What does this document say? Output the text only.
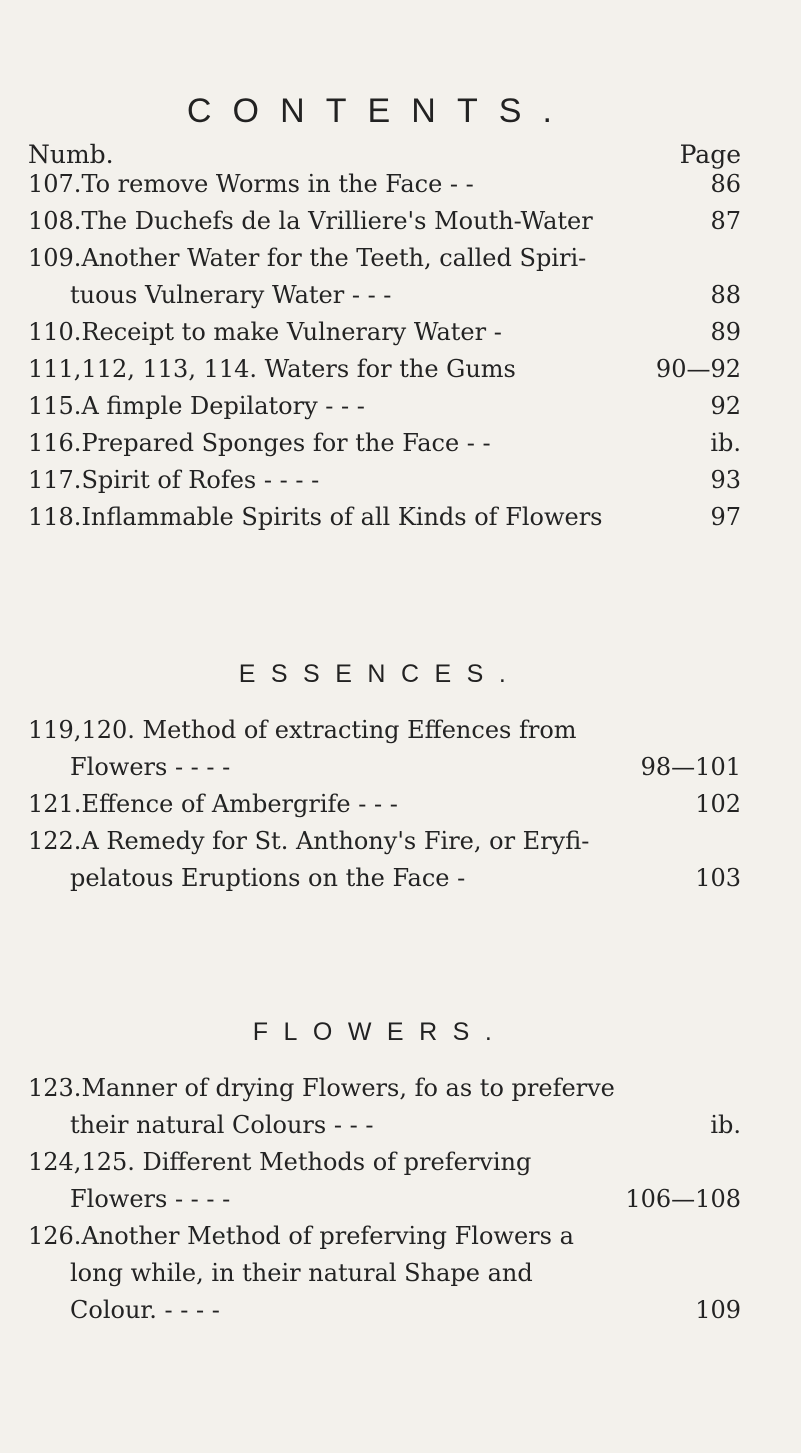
CONTENTS.
Numb.	Page
107. To remove Worms in the Face - -	86
108. The Duchefs de la Vrilliere's Mouth-Water	87
109. Another Water for the Teeth, called Spiri-
tuous Vulnerary Water - - -	88
110. Receipt to make Vulnerary Water -	89
111, 112, 113, 114. Waters for the Gums	90—92
115. A fimple Depilatory - - -	92
116. Prepared Sponges for the Face - -	ib.
117. Spirit of Rofes - - - -	93
118. Inflammable Spirits of all Kinds of Flowers	97
ESSENCES.
119, 120. Method of extracting Effences from
Flowers - - - -	98—101
121. Effence of Ambergrife - - -	102
122. A Remedy for St. Anthony's Fire, or Eryfi-
pelatous Eruptions on the Face -	103
FLOWERS.
123. Manner of drying Flowers, fo as to preferve
their natural Colours - - -	ib.
124, 125. Different Methods of preferving
Flowers - - - -	106—108
126. Another Method of preferving Flowers a
long while, in their natural Shape and
Colour. - - - -	109
